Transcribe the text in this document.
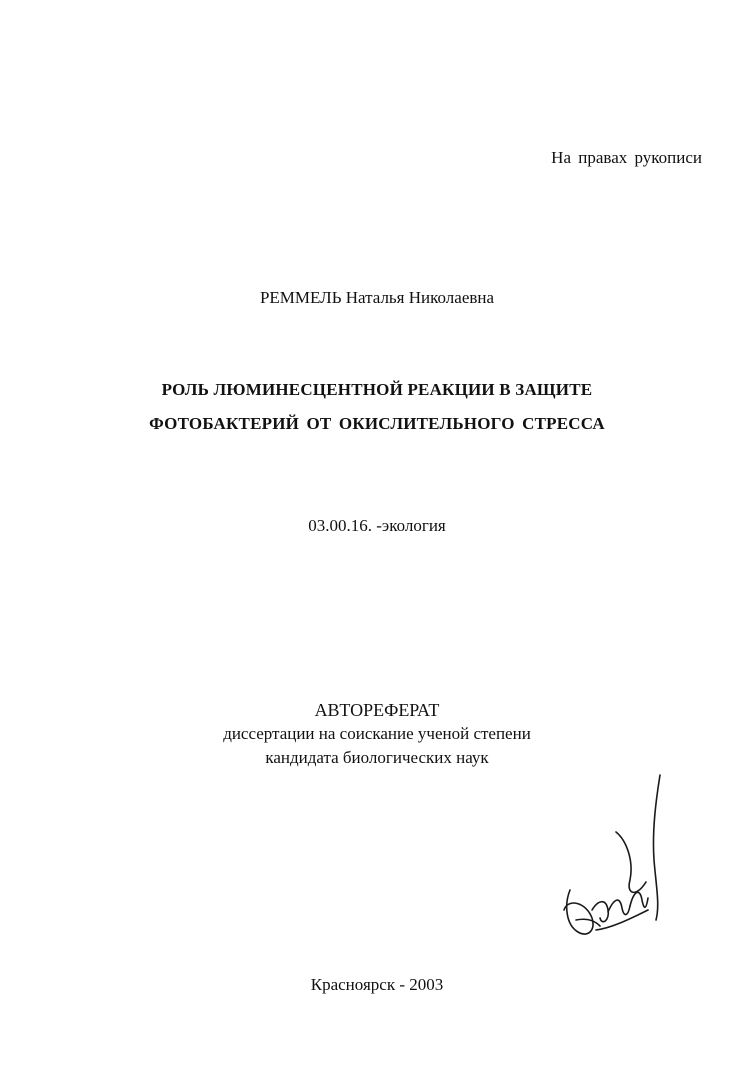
На правах рукописи
РЕММЕЛЬ Наталья Николаевна
РОЛЬ ЛЮМИНЕСЦЕНТНОЙ РЕАКЦИИ В ЗАЩИТЕ
ФОТОБАКТЕРИЙ ОТ ОКИСЛИТЕЛЬНОГО СТРЕССА
03.00.16. -экология
АВТОРЕФЕРАТ
диссертации на соискание ученой степени
кандидата биологических наук
Красноярск - 2003
